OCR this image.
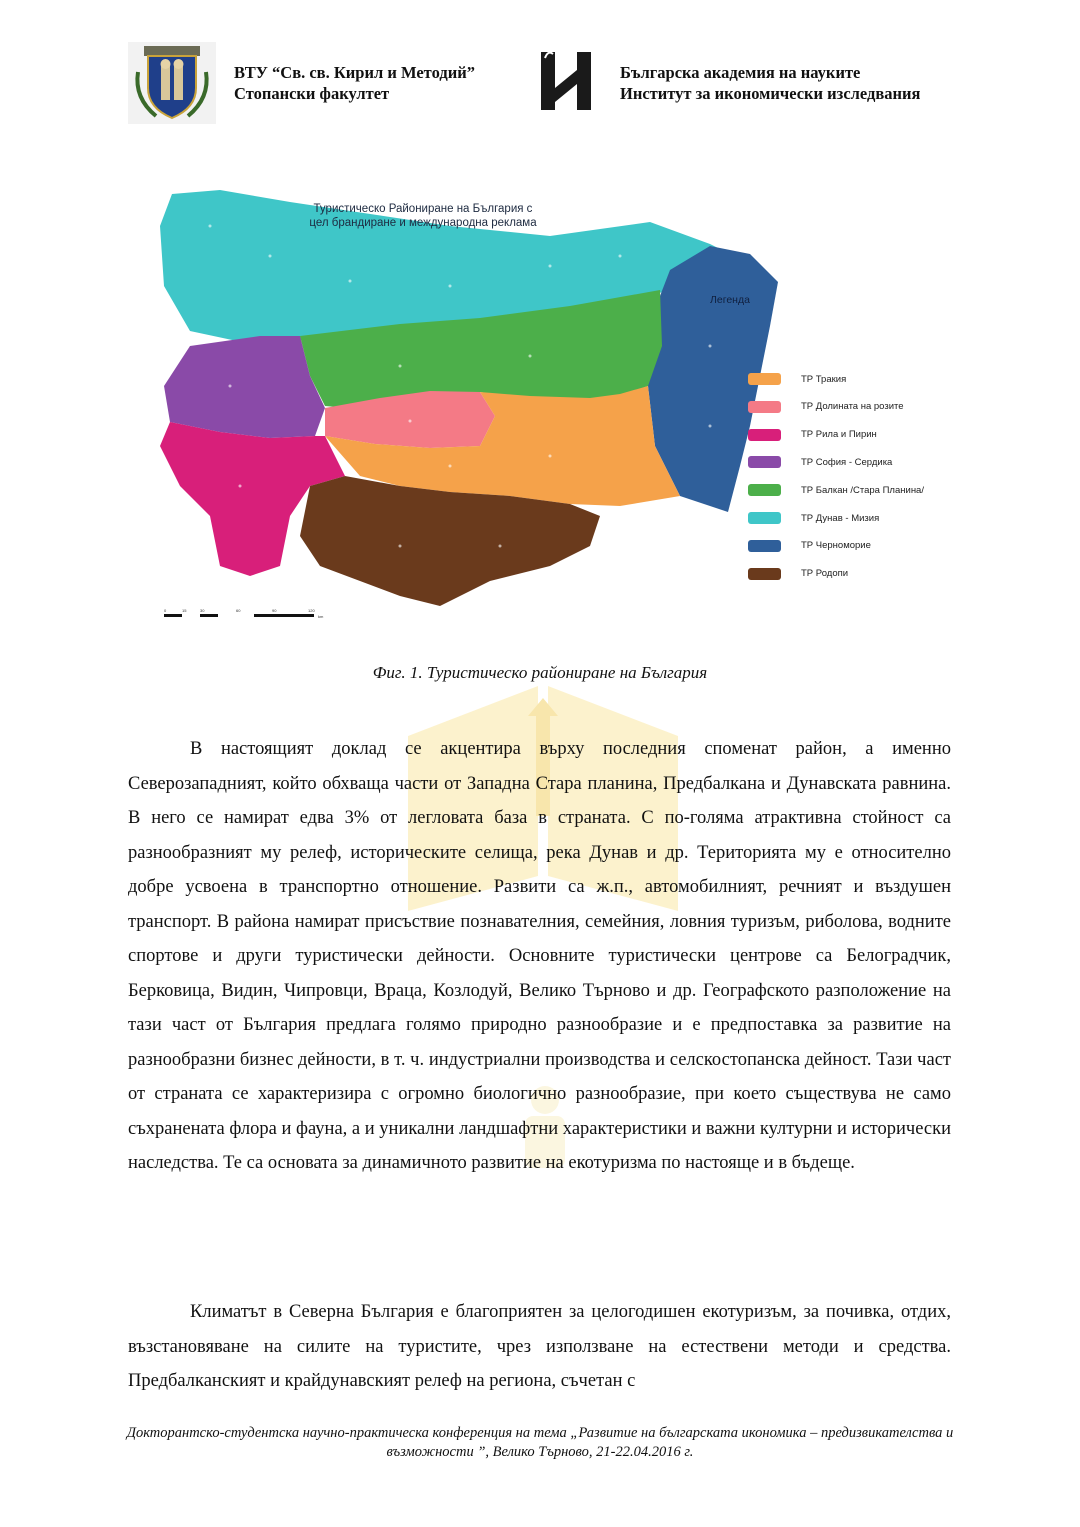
ВТУ “Св. св. Кирил и Методий”
Стопански факултет
Българска академия на науките
Институт за икономически изследвания
Туристическо Райониране на България с цел брандиране и международна реклама
Легенда
ТР Тракия
ТР Долината на розите
ТР Рила и Пирин
ТР София - Сердика
ТР Балкан /Стара Планина/
ТР Дунав - Мизия
ТР Черноморие
ТР Родопи
0	15	30	60	90	120
km
Фиг. 1. Туристическо райониране на България

В настоящият доклад се акцентира върху последния споменат район, а именно Северозападният, който обхваща части от Западна Стара планина, Предбалкана и Дунавската равнина. В него се намират едва 3% от легловата база в страната. С по-голяма атрактивна стойност са разнообразният му релеф, историческите селища, река Дунав и др. Територията му е относително добре усвоена в транспортно отношение. Развити са ж.п., автомобилният, речният и въздушен транспорт. В района намират присъствие познавателния, семейния, ловния туризъм, риболова, водните спортове и други туристически дейности. Основните туристически центрове са Белоградчик, Берковица, Видин, Чипровци, Враца, Козлодуй, Велико Търново и др. Географското разположение на тази част от България предлага голямо природно разнообразие и е предпоставка за развитие на разнообразни бизнес дейности, в т. ч. индустриални производства и селскостопанска дейност. Тази част от страната се характеризира с огромно биологично разнообразие, при което съществува не само съхранената флора и фауна, а и уникални ландшафтни характеристики и важни културни и исторически наследства. Те са основата за динамичното развитие на екотуризма по настояще и в бъдеще.

Климатът в Северна България е благоприятен за целогодишен екотуризъм, за почивка, отдих, възстановяване на силите на туристите, чрез използване на естествени методи и средства. Предбалканският и крайдунавският релеф на региона, съчетан с

Докторантско-студентска научно-практическа конференция на тема „Развитие на българската икономика – предизвикателства и възможности ”, Велико Търново, 21-22.04.2016 г.
